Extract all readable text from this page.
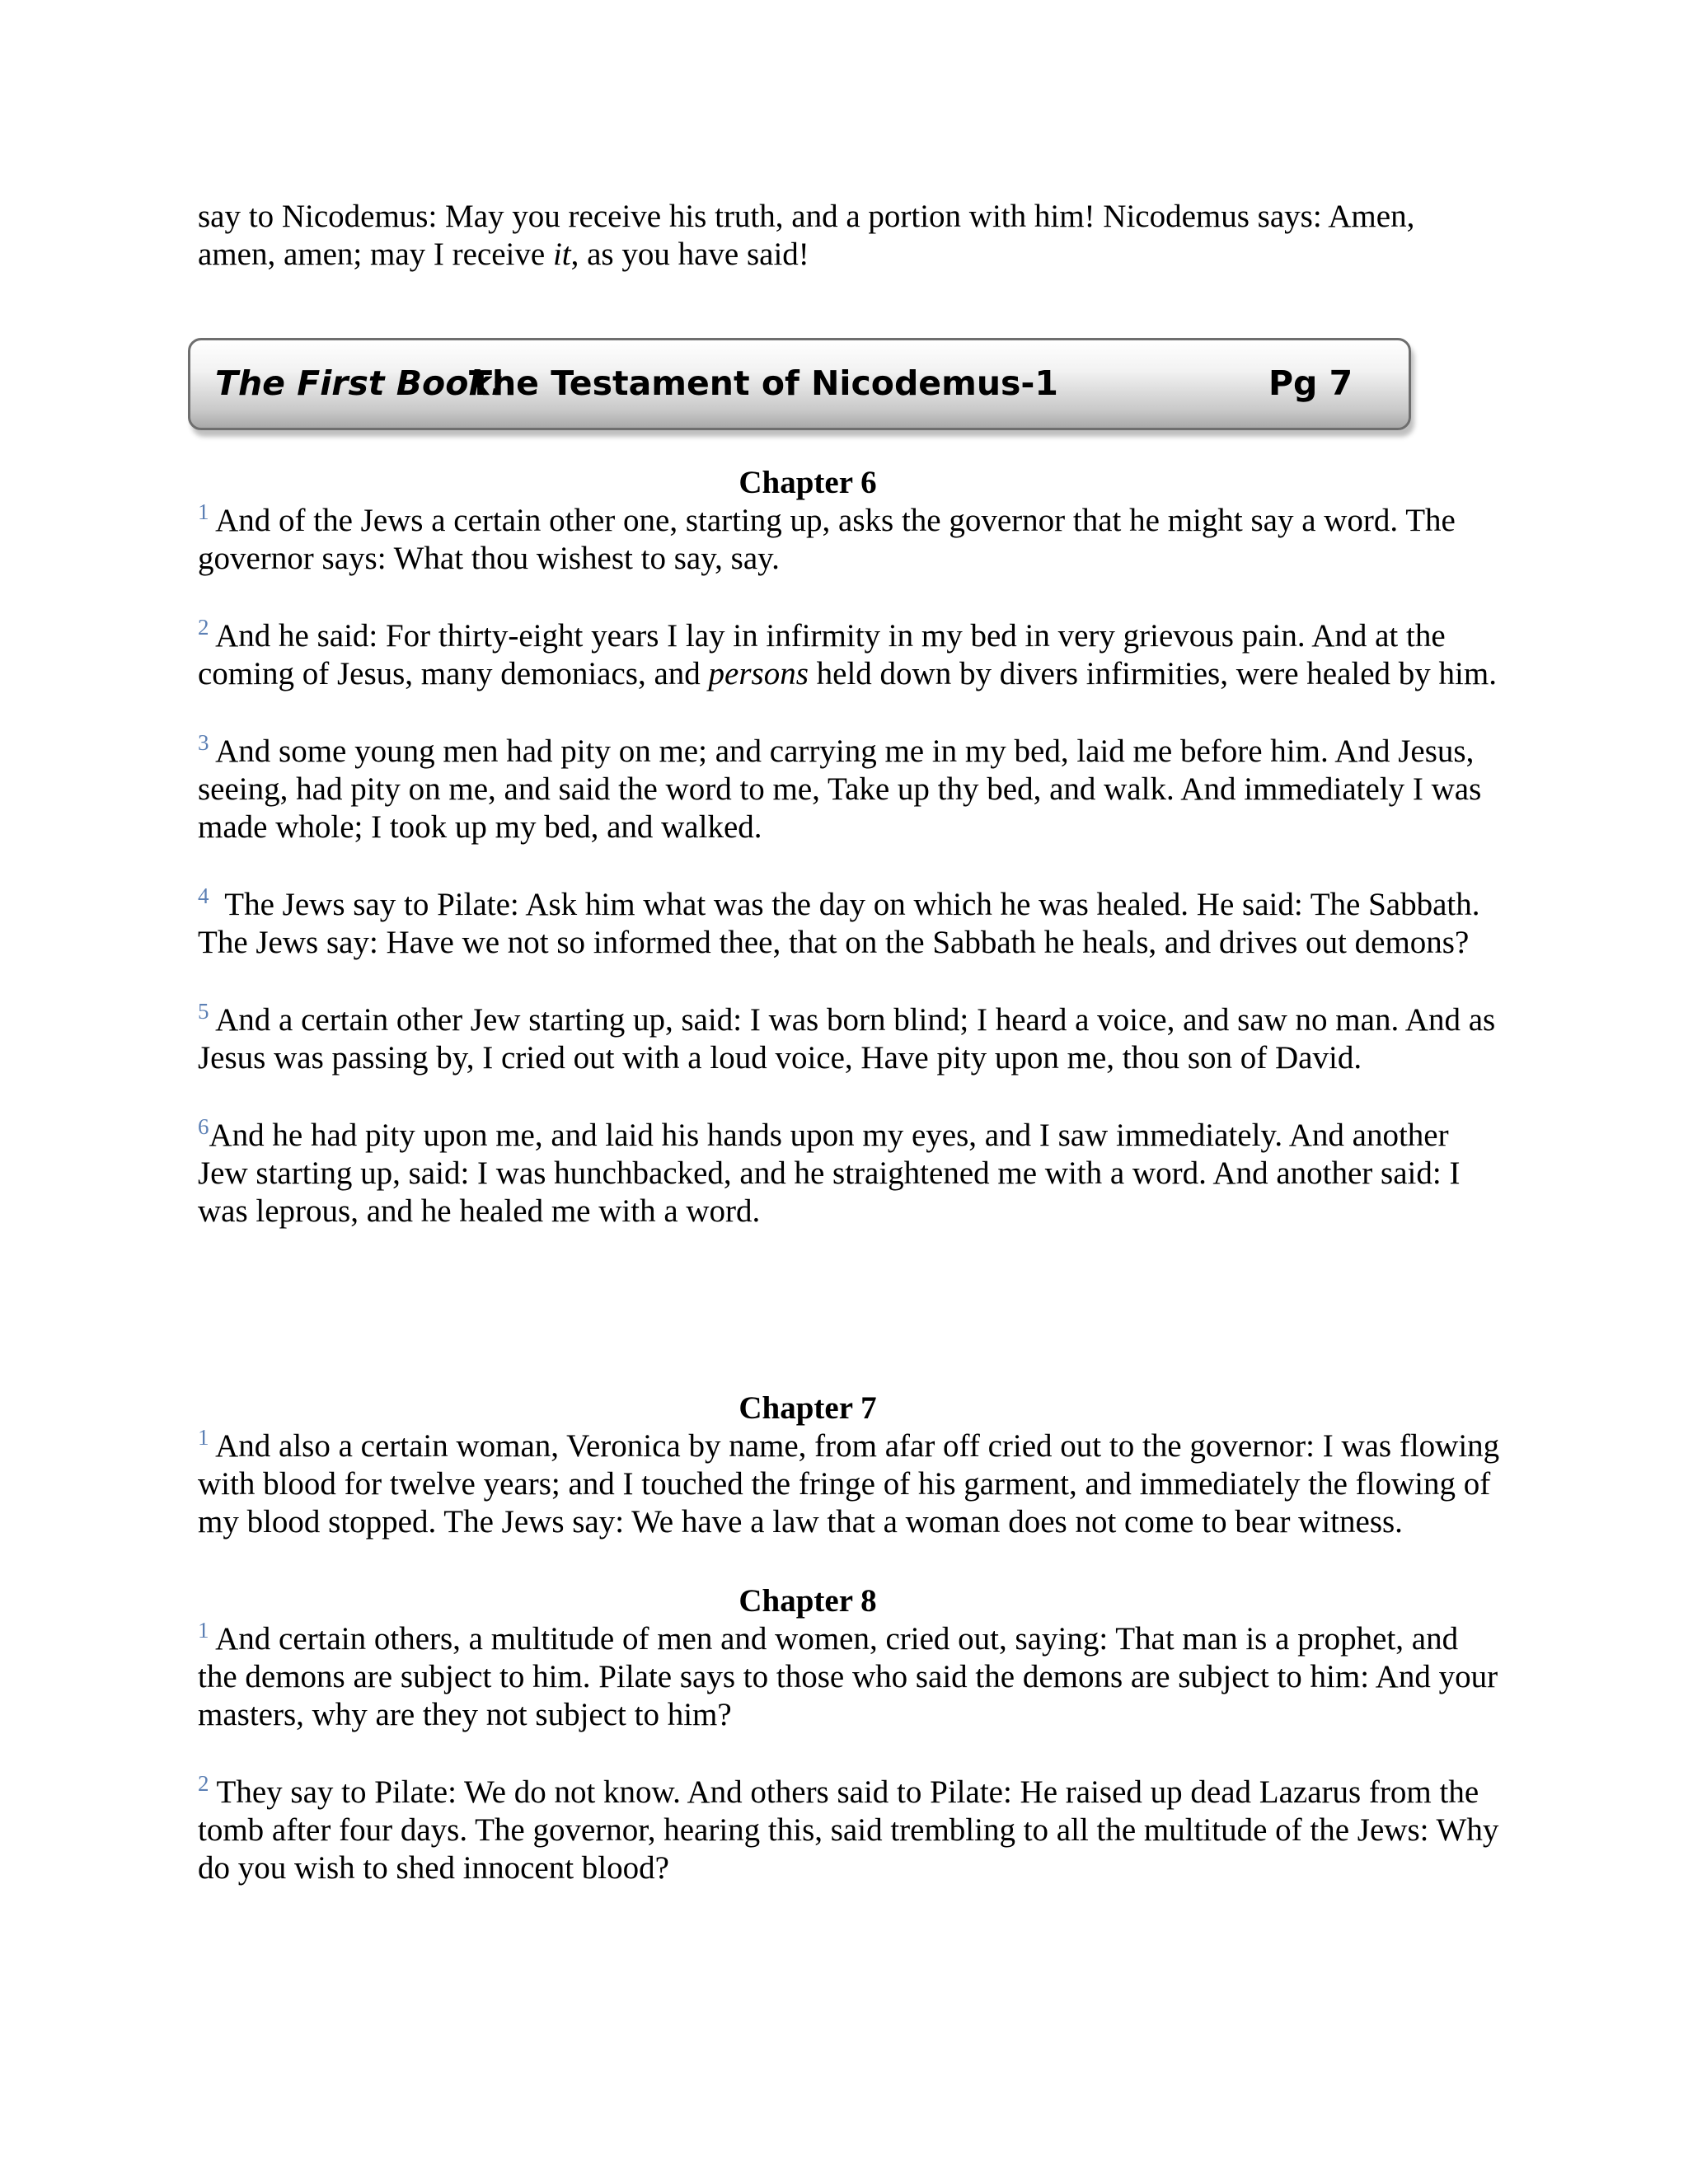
say to Nicodemus: May you receive his truth, and a portion with him! Nicodemus says: Amen, amen, amen; may I receive it, as you have said!
The First Book:
The Testament of Nicodemus-1	Pg 7
Chapter 6

$^1$ And of the Jews a certain other one, starting up, asks the governor that he might say a word. The governor says: What thou wishest to say, say.

$^2$ And he said: For thirty-eight years I lay in infirmity in my bed in very grievous pain. And at the coming of Jesus, many demoniacs, and persons held down by divers infirmities, were healed by him.

$^3$ And some young men had pity on me; and carrying me in my bed, laid me before him. And Jesus, seeing, had pity on me, and said the word to me, Take up thy bed, and walk. And immediately I was made whole; I took up my bed, and walked.

$^4$ The Jews say to Pilate: Ask him what was the day on which he was healed. He said: The Sabbath. The Jews say: Have we not so informed thee, that on the Sabbath he heals, and drives out demons?

$^5$ And a certain other Jew starting up, said: I was born blind; I heard a voice, and saw no man. And as Jesus was passing by, I cried out with a loud voice, Have pity upon me, thou son of David.

$^6$And he had pity upon me, and laid his hands upon my eyes, and I saw immediately. And another Jew starting up, said: I was hunchbacked, and he straightened me with a word. And another said: I was leprous, and he healed me with a word.

Chapter 7

$^1$ And also a certain woman, Veronica by name, from afar off cried out to the governor: I was flowing with blood for twelve years; and I touched the fringe of his garment, and immediately the flowing of my blood stopped. The Jews say: We have a law that a woman does not come to bear witness.

Chapter 8

$^1$ And certain others, a multitude of men and women, cried out, saying: That man is a prophet, and the demons are subject to him. Pilate says to those who said the demons are subject to him: And your masters, why are they not subject to him?

$^2$ They say to Pilate: We do not know. And others said to Pilate: He raised up dead Lazarus from the tomb after four days. The governor, hearing this, said trembling to all the multitude of the Jews: Why do you wish to shed innocent blood?
